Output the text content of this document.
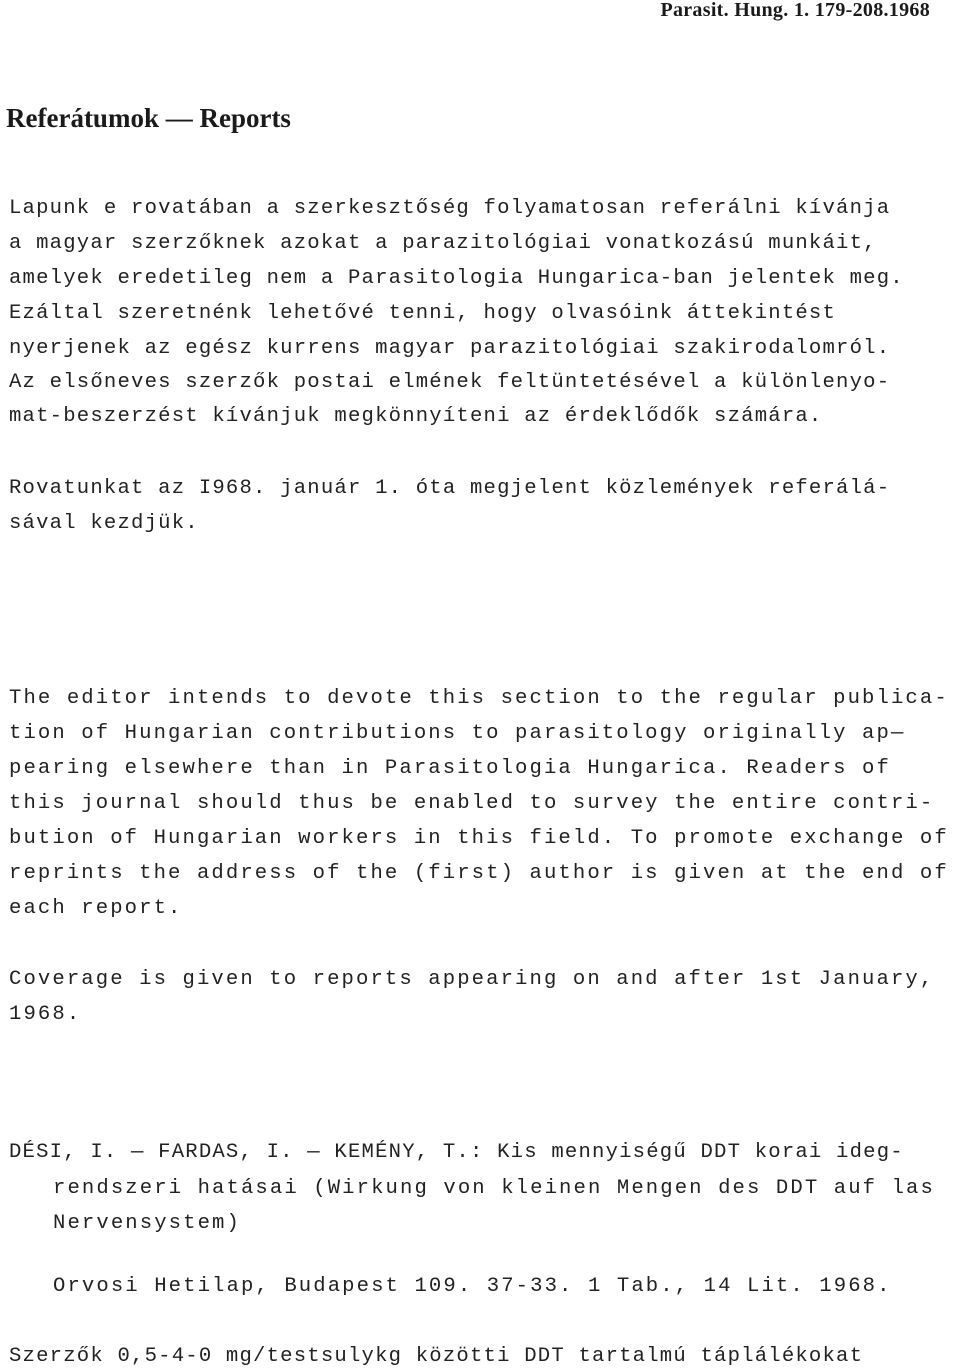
Parasit. Hung. 1. 179-208.1968
Referátumok — Reports
Lapunk e rovatában a szerkesztőség folyamatosan referálni kívánja
a magyar szerzőknek azokat a parazitológiai vonatkozású munkáit,
amelyek eredetileg nem a Parasitologia Hungarica-ban jelentek meg.
Ezáltal szeretnénk lehetővé tenni, hogy olvasóink áttekintést
nyerjenek az egész kurrens magyar parazitológiai szakirodalomról.
Az elsőneves szerzők postai elmének feltüntetésével a különlenyo-
mat-beszerzést kívánjuk megkönnyíteni az érdeklődők számára.
Rovatunkat az I968. január 1. óta megjelent közlemények referálá-
sával kezdjük.
The editor intends to devote this section to the regular publica-
tion of Hungarian contributions to parasitology originally ap—
pearing elsewhere than in Parasitologia Hungarica. Readers of
this journal should thus be enabled to survey the entire contri-
bution of Hungarian workers in this field. To promote exchange of
reprints the address of the (first) author is given at the end of
each report.
Coverage is given to reports appearing on and after 1st January,
1968.
DÉSI, I. — FARDAS, I. — KEMÉNY, T.: Kis mennyiségű DDT korai ideg-
rendszeri hatásai (Wirkung von kleinen Mengen des DDT auf las
Nervensystem)
Orvosi Hetilap, Budapest 109. 37-33. 1 Tab., 14 Lit. 1968.
Szerzők 0,5-4-0 mg/testsulykg közötti DDT tartalmú táplálékokat
